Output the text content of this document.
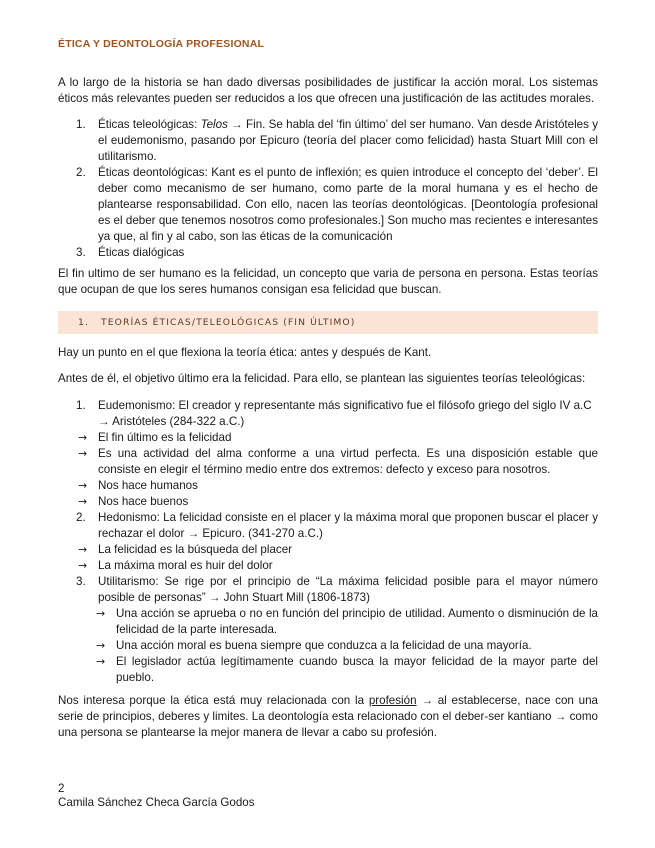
ÉTICA Y DEONTOLOGÍA PROFESIONAL

A lo largo de la historia se han dado diversas posibilidades de justificar la acción moral. Los sistemas éticos más relevantes pueden ser reducidos a los que ofrecen una justificación de las actitudes morales.

1.	Éticas teleológicas: Telos → Fin. Se habla del ‘fin último’ del ser humano. Van desde Aristóteles y el eudemonismo, pasando por Epicuro (teoría del placer como felicidad) hasta Stuart Mill con el utilitarismo.
2.	Éticas deontológicas: Kant es el punto de inflexión; es quien introduce el concepto del ‘deber’. El deber como mecanismo de ser humano, como parte de la moral humana y es el hecho de plantearse responsabilidad. Con ello, nacen las teorías deontológicas. [Deontología profesional es el deber que tenemos nosotros como profesionales.] Son mucho mas recientes e interesantes ya que, al fin y al cabo, son las éticas de la comunicación
3.	Éticas dialógicas

El fin ultimo de ser humano es la felicidad, un concepto que varia de persona en persona. Estas teorías que ocupan de que los seres humanos consigan esa felicidad que buscan.

1. TEORÍAS ÉTICAS/TELEOLÓGICAS (FIN ÚLTIMO)

Hay un punto en el que flexiona la teoría ética: antes y después de Kant.

Antes de él, el objetivo último era la felicidad. Para ello, se plantean las siguientes teorías teleológicas:

1.	Eudemonismo: El creador y representante más significativo fue el filósofo griego del siglo IV a.C
→ Aristóteles (284-322 a.C.)
→ El fin último es la felicidad
→ Es una actividad del alma conforme a una virtud perfecta. Es una disposición estable que consiste en elegir el término medio entre dos extremos: defecto y exceso para nosotros.
→ Nos hace humanos
→ Nos hace buenos
2.	Hedonismo: La felicidad consiste en el placer y la máxima moral que proponen buscar el placer y rechazar el dolor → Epicuro. (341-270 a.C.)
→ La felicidad es la búsqueda del placer
→ La máxima moral es huir del dolor
3.	Utilitarismo: Se rige por el principio de “La máxima felicidad posible para el mayor número posible de personas” → John Stuart Mill (1806-1873)
→ Una acción se aprueba o no en función del principio de utilidad. Aumento o disminución de la felicidad de la parte interesada.
→ Una acción moral es buena siempre que conduzca a la felicidad de una mayoría.
→ El legislador actúa legítimamente cuando busca la mayor felicidad de la mayor parte del pueblo.

Nos interesa porque la ética está muy relacionada con la profesión → al establecerse, nace con una serie de principios, deberes y limites. La deontología esta relacionado con el deber-ser kantiano → como una persona se plantearse la mejor manera de llevar a cabo su profesión.

2
Camila Sánchez Checa García Godos
